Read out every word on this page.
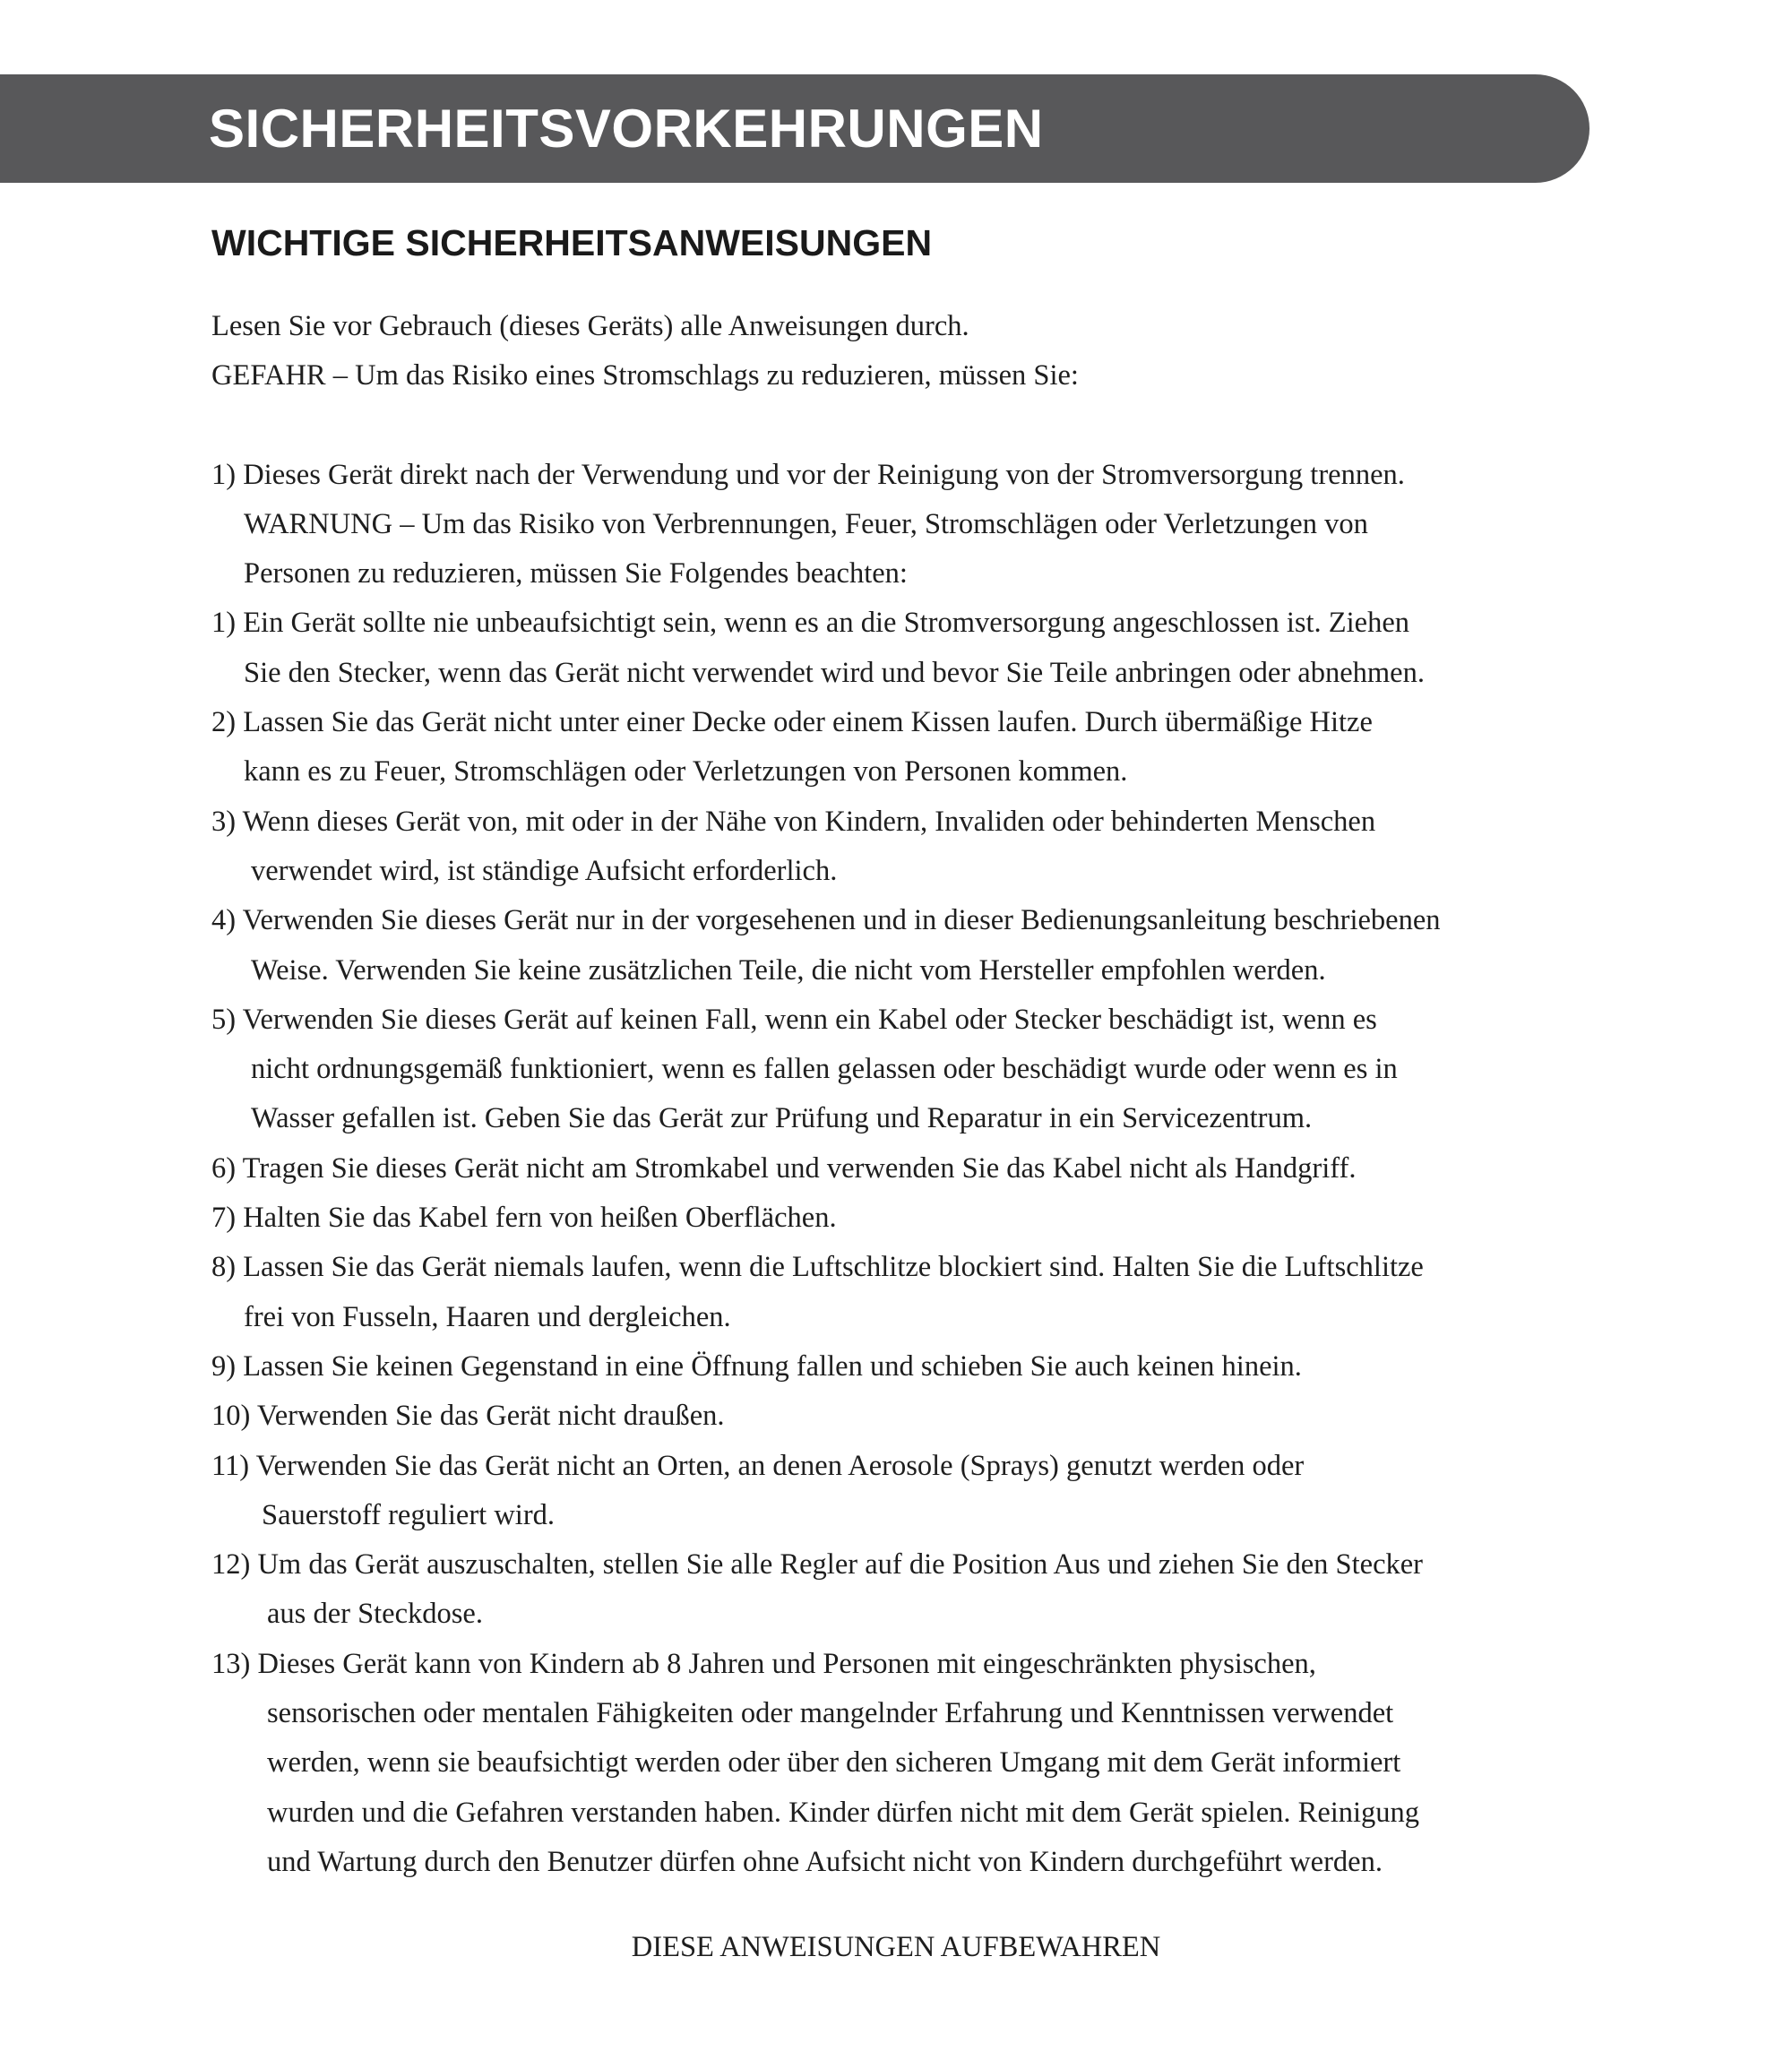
SICHERHEITSVORKEHRUNGEN
WICHTIGE SICHERHEITSANWEISUNGEN

Lesen Sie vor Gebrauch (dieses Geräts) alle Anweisungen durch.

GEFAHR – Um das Risiko eines Stromschlags zu reduzieren, müssen Sie:

1) Dieses Gerät direkt nach der Verwendung und vor der Reinigung von der Stromversorgung trennen.
WARNUNG – Um das Risiko von Verbrennungen, Feuer, Stromschlägen oder Verletzungen von
Personen zu reduzieren, müssen Sie Folgendes beachten:
1) Ein Gerät sollte nie unbeaufsichtigt sein, wenn es an die Stromversorgung angeschlossen ist. Ziehen
Sie den Stecker, wenn das Gerät nicht verwendet wird und bevor Sie Teile anbringen oder abnehmen.
2) Lassen Sie das Gerät nicht unter einer Decke oder einem Kissen laufen. Durch übermäßige Hitze
kann es zu Feuer, Stromschlägen oder Verletzungen von Personen kommen.
3) Wenn dieses Gerät von, mit oder in der Nähe von Kindern, Invaliden oder behinderten Menschen
verwendet wird, ist ständige Aufsicht erforderlich.
4) Verwenden Sie dieses Gerät nur in der vorgesehenen und in dieser Bedienungsanleitung beschriebenen
Weise. Verwenden Sie keine zusätzlichen Teile, die nicht vom Hersteller empfohlen werden.
5) Verwenden Sie dieses Gerät auf keinen Fall, wenn ein Kabel oder Stecker beschädigt ist, wenn es
nicht ordnungsgemäß funktioniert, wenn es fallen gelassen oder beschädigt wurde oder wenn es in
Wasser gefallen ist. Geben Sie das Gerät zur Prüfung und Reparatur in ein Servicezentrum.
6) Tragen Sie dieses Gerät nicht am Stromkabel und verwenden Sie das Kabel nicht als Handgriff.
7) Halten Sie das Kabel fern von heißen Oberflächen.
8) Lassen Sie das Gerät niemals laufen, wenn die Luftschlitze blockiert sind. Halten Sie die Luftschlitze
frei von Fusseln, Haaren und dergleichen.
9) Lassen Sie keinen Gegenstand in eine Öffnung fallen und schieben Sie auch keinen hinein.
10) Verwenden Sie das Gerät nicht draußen.
11) Verwenden Sie das Gerät nicht an Orten, an denen Aerosole (Sprays) genutzt werden oder
Sauerstoff reguliert wird.
12) Um das Gerät auszuschalten, stellen Sie alle Regler auf die Position Aus und ziehen Sie den Stecker
aus der Steckdose.
13) Dieses Gerät kann von Kindern ab 8 Jahren und Personen mit eingeschränkten physischen,
sensorischen oder mentalen Fähigkeiten oder mangelnder Erfahrung und Kenntnissen verwendet
werden, wenn sie beaufsichtigt werden oder über den sicheren Umgang mit dem Gerät informiert
wurden und die Gefahren verstanden haben. Kinder dürfen nicht mit dem Gerät spielen. Reinigung
und Wartung durch den Benutzer dürfen ohne Aufsicht nicht von Kindern durchgeführt werden.

DIESE ANWEISUNGEN AUFBEWAHREN
